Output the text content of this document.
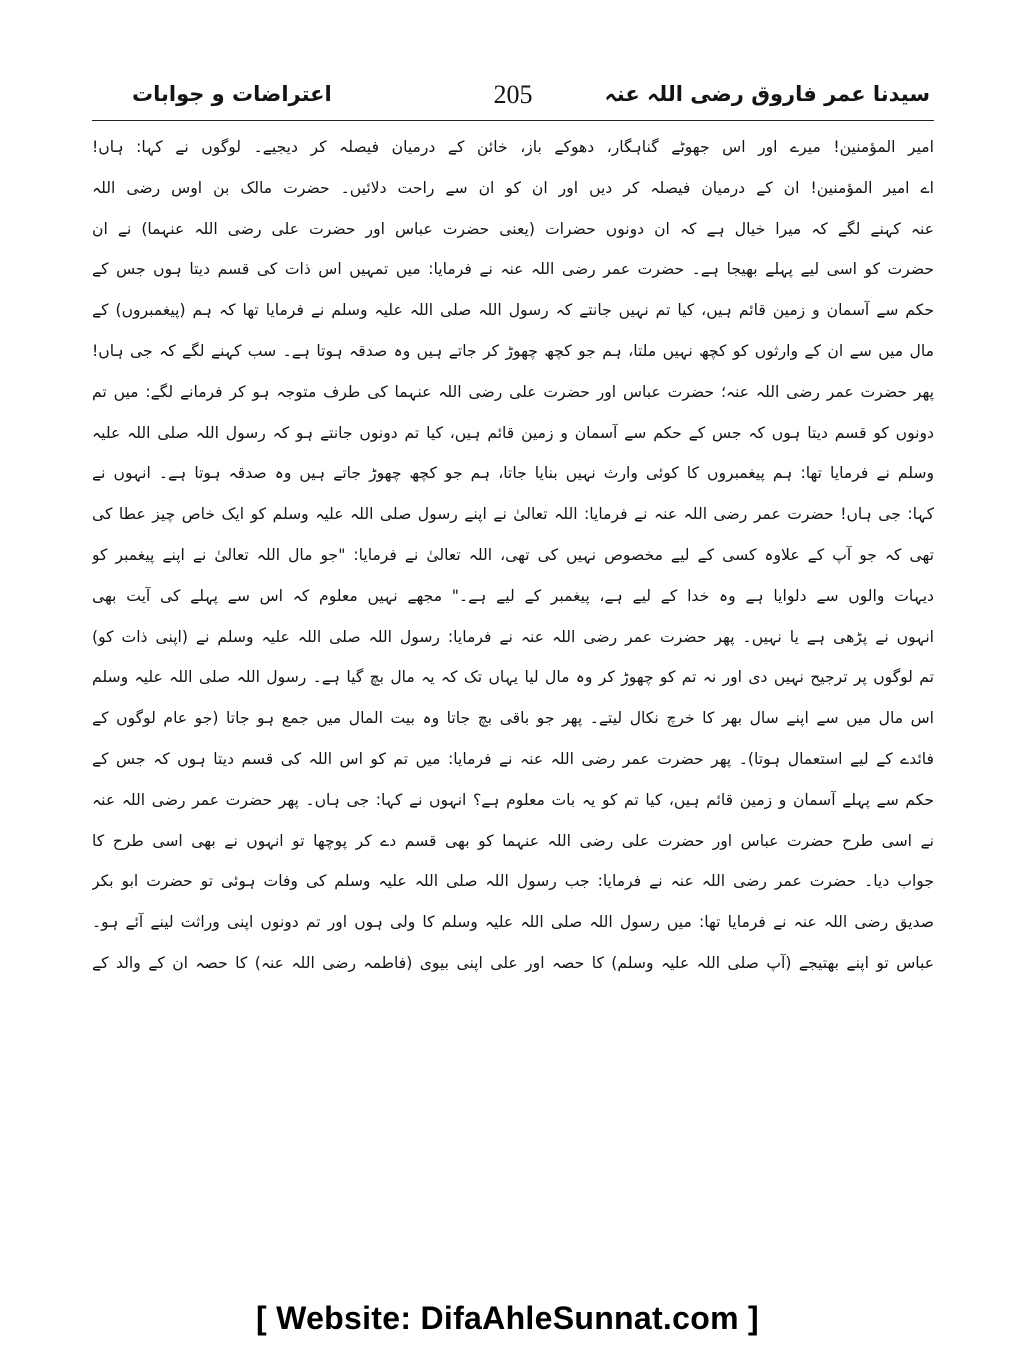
سیدنا عمر فاروق رضی اللہ عنہ
205
اعتراضات و جوابات
امیر المؤمنین! میرے اور اس جھوٹے گناہگار، دھوکے باز، خائن کے درمیان فیصلہ کر دیجیے۔ لوگوں نے کہا: ہاں!
اے امیر المؤمنین! ان کے درمیان فیصلہ کر دیں اور ان کو ان سے راحت دلائیں۔ حضرت مالک بن اوس رضی اللہ
عنہ کہنے لگے کہ میرا خیال ہے کہ ان دونوں حضرات (یعنی حضرت عباس اور حضرت علی رضی اللہ عنہما) نے ان
حضرت کو اسی لیے پہلے بھیجا ہے۔ حضرت عمر رضی اللہ عنہ نے فرمایا: میں تمہیں اس ذات کی قسم دیتا ہوں جس کے
حکم سے آسمان و زمین قائم ہیں، کیا تم نہیں جانتے کہ رسول اللہ صلی اللہ علیہ وسلم نے فرمایا تھا کہ ہم (پیغمبروں) کے
مال میں سے ان کے وارثوں کو کچھ نہیں ملتا، ہم جو کچھ چھوڑ کر جاتے ہیں وہ صدقہ ہوتا ہے۔ سب کہنے لگے کہ جی ہاں!
پھر حضرت عمر رضی اللہ عنہ؛ حضرت عباس اور حضرت علی رضی اللہ عنہما کی طرف متوجہ ہو کر فرمانے لگے: میں تم
دونوں کو قسم دیتا ہوں کہ جس کے حکم سے آسمان و زمین قائم ہیں، کیا تم دونوں جانتے ہو کہ رسول اللہ صلی اللہ علیہ
وسلم نے فرمایا تھا: ہم پیغمبروں کا کوئی وارث نہیں بنایا جاتا، ہم جو کچھ چھوڑ جاتے ہیں وہ صدقہ ہوتا ہے۔ انہوں نے
کہا: جی ہاں! حضرت عمر رضی اللہ عنہ نے فرمایا: اللہ تعالیٰ نے اپنے رسول صلی اللہ علیہ وسلم کو ایک خاص چیز عطا کی
تھی کہ جو آپ کے علاوہ کسی کے لیے مخصوص نہیں کی تھی، اللہ تعالیٰ نے فرمایا: "جو مال اللہ تعالیٰ نے اپنے پیغمبر کو
دیہات والوں سے دلوایا ہے وہ خدا کے لیے ہے، پیغمبر کے لیے ہے۔" مجھے نہیں معلوم کہ اس سے پہلے کی آیت بھی
انہوں نے پڑھی ہے یا نہیں۔ پھر حضرت عمر رضی اللہ عنہ نے فرمایا: رسول اللہ صلی اللہ علیہ وسلم نے (اپنی ذات کو)
تم لوگوں پر ترجیح نہیں دی اور نہ تم کو چھوڑ کر وہ مال لیا یہاں تک کہ یہ مال بچ گیا ہے۔ رسول اللہ صلی اللہ علیہ وسلم
اس مال میں سے اپنے سال بھر کا خرچ نکال لیتے۔ پھر جو باقی بچ جاتا وہ بیت المال میں جمع ہو جاتا (جو عام لوگوں کے
فائدے کے لیے استعمال ہوتا)۔ پھر حضرت عمر رضی اللہ عنہ نے فرمایا: میں تم کو اس اللہ کی قسم دیتا ہوں کہ جس کے
حکم سے پہلے آسمان و زمین قائم ہیں، کیا تم کو یہ بات معلوم ہے؟ انہوں نے کہا: جی ہاں۔ پھر حضرت عمر رضی اللہ عنہ
نے اسی طرح حضرت عباس اور حضرت علی رضی اللہ عنہما کو بھی قسم دے کر پوچھا تو انہوں نے بھی اسی طرح کا
جواب دیا۔ حضرت عمر رضی اللہ عنہ نے فرمایا: جب رسول اللہ صلی اللہ علیہ وسلم کی وفات ہوئی تو حضرت ابو بکر
صدیق رضی اللہ عنہ نے فرمایا تھا: میں رسول اللہ صلی اللہ علیہ وسلم کا ولی ہوں اور تم دونوں اپنی وراثت لینے آئے ہو۔
عباس تو اپنے بھتیجے (آپ صلی اللہ علیہ وسلم) کا حصہ اور علی اپنی بیوی (فاطمہ رضی اللہ عنہ) کا حصہ ان کے والد کے
[ Website: DifaAhleSunnat.com ]
